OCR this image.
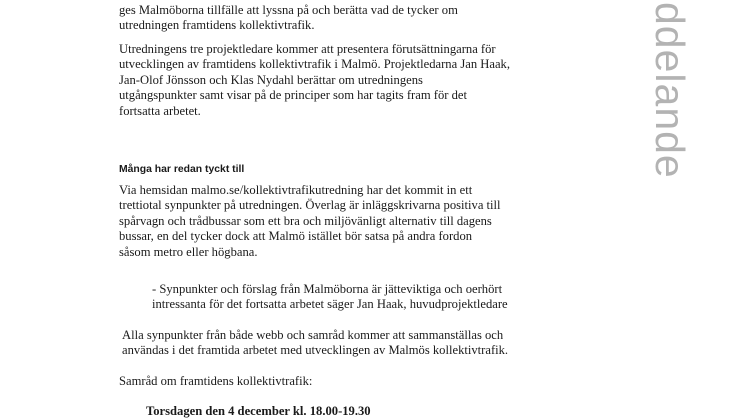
ges Malmöborna tillfälle att lyssna på och berätta vad de tycker om
utredningen framtidens kollektivtrafik.

Utredningens tre projektledare kommer att presentera förutsättningarna för
utvecklingen av framtidens kollektivtrafik i Malmö. Projektledarna Jan Haak,
Jan-Olof Jönsson och Klas Nydahl berättar om utredningens
utgångspunkter samt visar på de principer som har tagits fram för det
fortsatta arbetet.

Många har redan tyckt till

Via hemsidan malmo.se/kollektivtrafikutredning har det kommit in ett
trettiotal synpunkter på utredningen. Överlag är inläggskrivarna positiva till
spårvagn och trådbussar som ett bra och miljövänligt alternativ till dagens
bussar, en del tycker dock att Malmö istället bör satsa på andra fordon
såsom metro eller högbana.

- Synpunkter och förslag från Malmöborna är jätteviktiga och oerhört
intressanta för det fortsatta arbetet säger Jan Haak, huvudprojektledare

Alla synpunkter från både webb och samråd kommer att sammanställas och
användas i det framtida arbetet med utvecklingen av Malmös kollektivtrafik.

Samråd om framtidens kollektivtrafik:

Torsdagen den 4 december kl. 18.00-19.30

ddelande
